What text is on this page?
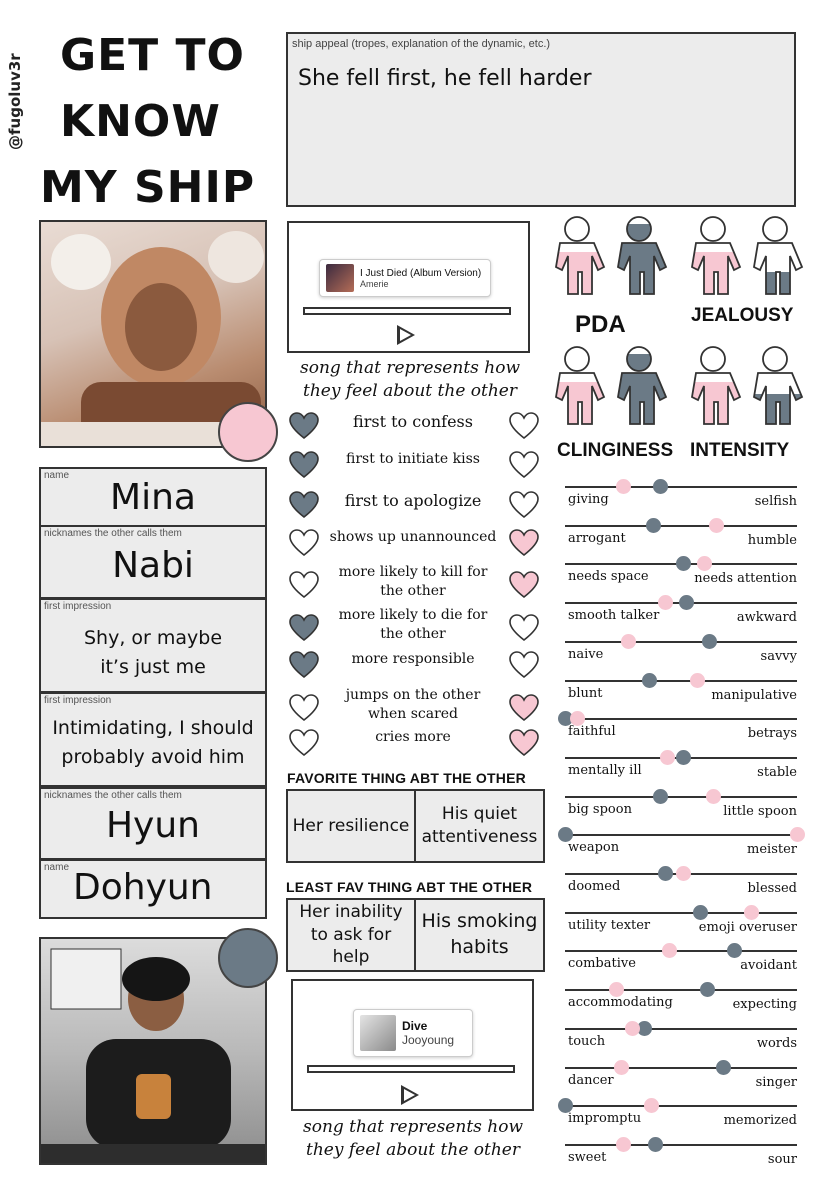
@fugoluv3r GET TO
KNOW
MY SHIP
ship appeal (tropes, explanation of the dynamic, etc.)
She fell first, he fell harder
name
Mina
nicknames the other calls them
Nabi
first impression
Shy, or maybe it’s just me
first impression
Intimidating, I should probably avoid him
nicknames the other calls them
Hyun
name Dohyun
I Just Died (Album Version)
Amerie
song that represents how they feel about the other
Dive
Jooyoung
song that represents how they feel about the other
first to confess
first to initiate kiss
first to apologize
shows up unannounced
more likely to kill for the other
more likely to die for the other
more responsible
jumps on the other when scared
cries more
FAVORITE THING ABT THE OTHER
Her resilience
His quiet attentiveness
LEAST FAV THING ABT THE OTHER
Her inability to ask for help
His smoking habits
PDA	JEALOUSY
CLINGINESS INTENSITY
giving	selfish
arrogant	humble
needs space	needs attention
smooth talker	awkward
naive	savvy
blunt	manipulative
faithful	betrays
mentally ill	stable
big spoon	little spoon
weapon	meister
doomed	blessed
utility texter	emoji overuser
combative	avoidant
accommodating	expecting
touch	words
dancer	singer
impromptu	memorized
sweet	sour
